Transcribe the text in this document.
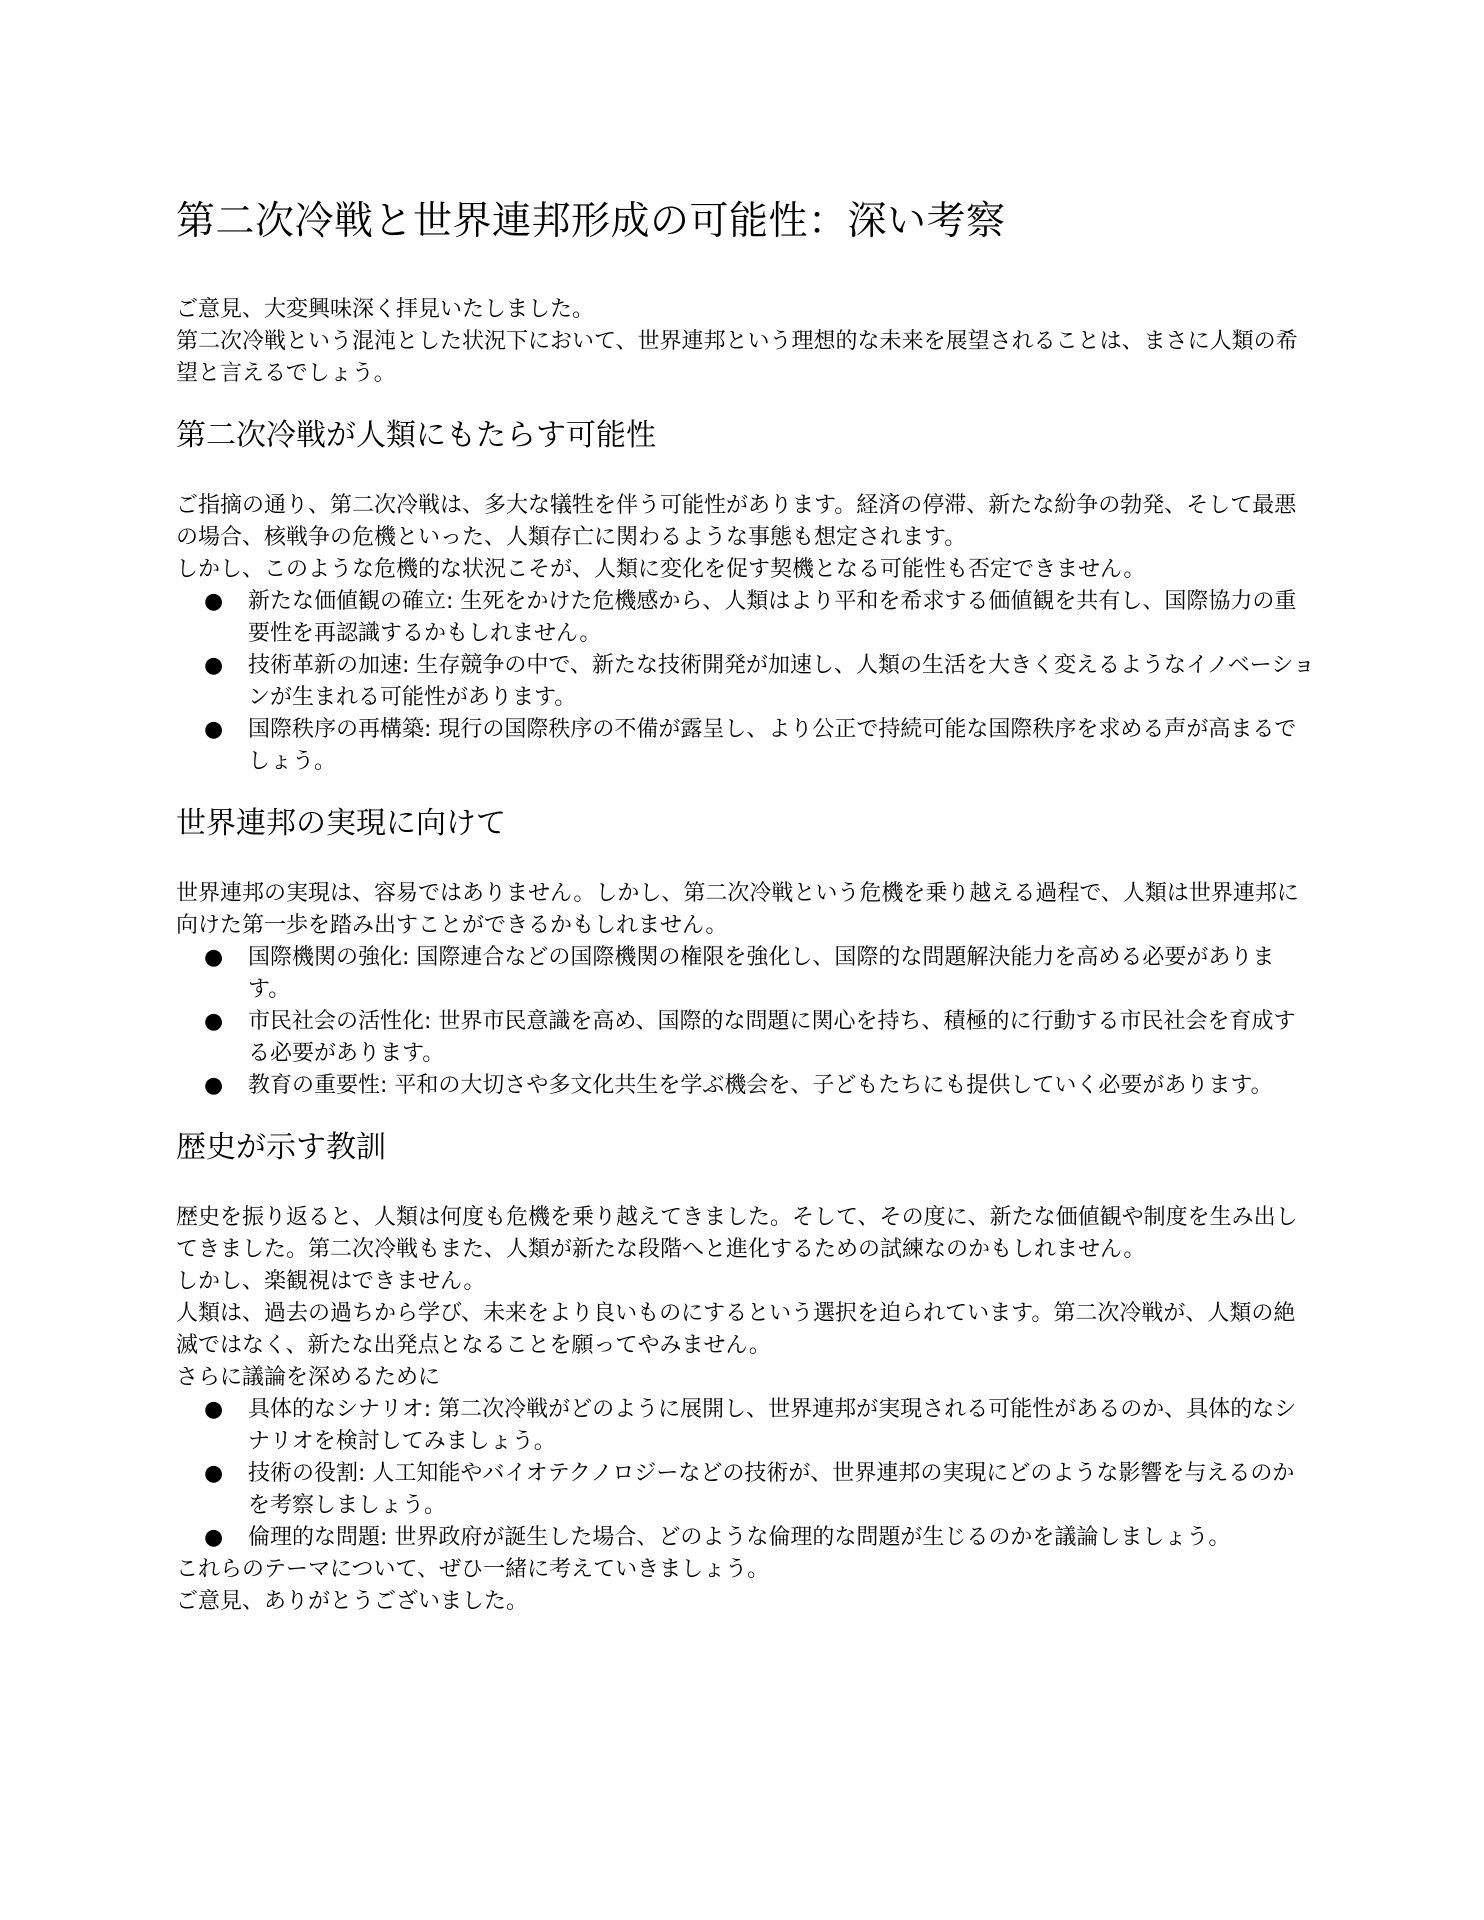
第二次冷戦と世界連邦形成の可能性：深い考察

ご意見、大変興味深く拝見いたしました。

第二次冷戦という混沌とした状況下において、世界連邦という理想的な未来を展望されることは、まさに人類の希望と言えるでしょう。

第二次冷戦が人類にもたらす可能性

ご指摘の通り、第二次冷戦は、多大な犠牲を伴う可能性があります。経済の停滞、新たな紛争の勃発、そして最悪の場合、核戦争の危機といった、人類存亡に関わるような事態も想定されます。

しかし、このような危機的な状況こそが、人類に変化を促す契機となる可能性も否定できません。

● 新たな価値観の確立: 生死をかけた危機感から、人類はより平和を希求する価値観を共有し、国際協力の重要性を再認識するかもしれません。
● 技術革新の加速: 生存競争の中で、新たな技術開発が加速し、人類の生活を大きく変えるようなイノベーションが生まれる可能性があります。
● 国際秩序の再構築: 現行の国際秩序の不備が露呈し、より公正で持続可能な国際秩序を求める声が高まるでしょう。
世界連邦の実現に向けて

世界連邦の実現は、容易ではありません。しかし、第二次冷戦という危機を乗り越える過程で、人類は世界連邦に向けた第一歩を踏み出すことができるかもしれません。

● 国際機関の強化: 国際連合などの国際機関の権限を強化し、国際的な問題解決能力を高める必要があります。
● 市民社会の活性化: 世界市民意識を高め、国際的な問題に関心を持ち、積極的に行動する市民社会を育成する必要があります。
● 教育の重要性: 平和の大切さや多文化共生を学ぶ機会を、子どもたちにも提供していく必要があります。
歴史が示す教訓

歴史を振り返ると、人類は何度も危機を乗り越えてきました。そして、その度に、新たな価値観や制度を生み出してきました。第二次冷戦もまた、人類が新たな段階へと進化するための試練なのかもしれません。

しかし、楽観視はできません。

人類は、過去の過ちから学び、未来をより良いものにするという選択を迫られています。第二次冷戦が、人類の絶滅ではなく、新たな出発点となることを願ってやみません。

さらに議論を深めるために

● 具体的なシナリオ: 第二次冷戦がどのように展開し、世界連邦が実現される可能性があるのか、具体的なシナリオを検討してみましょう。
● 技術の役割: 人工知能やバイオテクノロジーなどの技術が、世界連邦の実現にどのような影響を与えるのかを考察しましょう。
● 倫理的な問題: 世界政府が誕生した場合、どのような倫理的な問題が生じるのかを議論しましょう。

これらのテーマについて、ぜひ一緒に考えていきましょう。

ご意見、ありがとうございました。
